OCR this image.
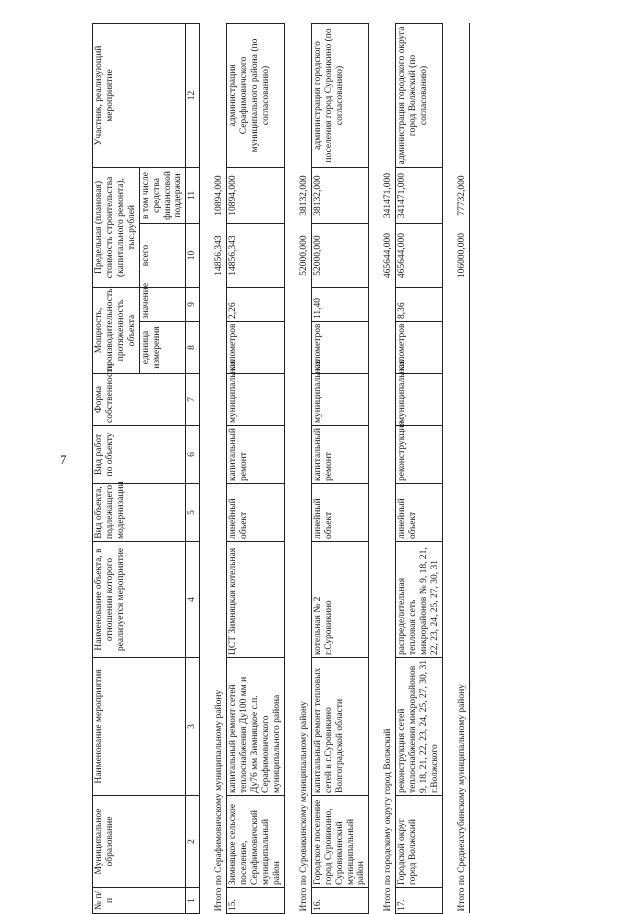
7
№ п/п	Муниципальное образование	Наименование мероприятия	Наименование объекта, в отношении которого реализуется мероприятие	Вид объекта, подлежащего модернизации	Вид работ по объекту	Форма собственности	Мощность, производительность, протяженность объекта		Предельная (плановая) стоимость строительства (капитального ремонта), тыс.рублей		Участник, реализующий мероприятие
							единица измерения	значение	всего	в том числе средства финансовой поддержки	
1	2	3	4	5	6	7	8	9	10	11	12
Итого по Серафимовичскому муниципальному району									14856,343	10894,000	
15.	Зимняцкое сельское поселение, Серафимовичский муниципальный район	капитальный ремонт сетей теплоснабжения Ду100 мм и Ду76 мм Зимняцкое с.п. Серафимовичского муниципального района	ЦСТ Зимняцкая котельная	линейный объект	капитальный ремонт	муниципальная	километров	2,26	14856,343	10894,000	администрация Серафимовичского муниципального района (по согласованию)
Итого по Суровикинскому муниципальному району									52000,000	38132,000	
16.	Городское поселение город Суровикино, Суровикинский муниципальный район	капитальный ремонт тепловых сетей в г.Суровикино Волгоградской области	котельная № 2 г.Суровикино	линейный объект	капитальный ремонт	муниципальная	километров	11,40	52000,000	38132,000	администрация городского поселения город Суровикино (по согласованию)
Итого по городскому округу город Волжский									465644,000	341471,000	
17.	Городской округ город Волжский	реконструкция сетей теплоснабжения микрорайонов 9, 18, 21, 22, 23, 24, 25, 27, 30, 31 г.Волжского	распределительная тепловая сеть микрорайонов № 9, 18, 21, 22, 23, 24, 25, 27, 30, 31	линейный объект	реконструкция	муниципальная	километров	8,36	465644,000	341471,000	администрация городского округа город Волжский (по согласованию)
Итого по Среднеахтубинскому муниципальному району									106000,000	77732,000	
